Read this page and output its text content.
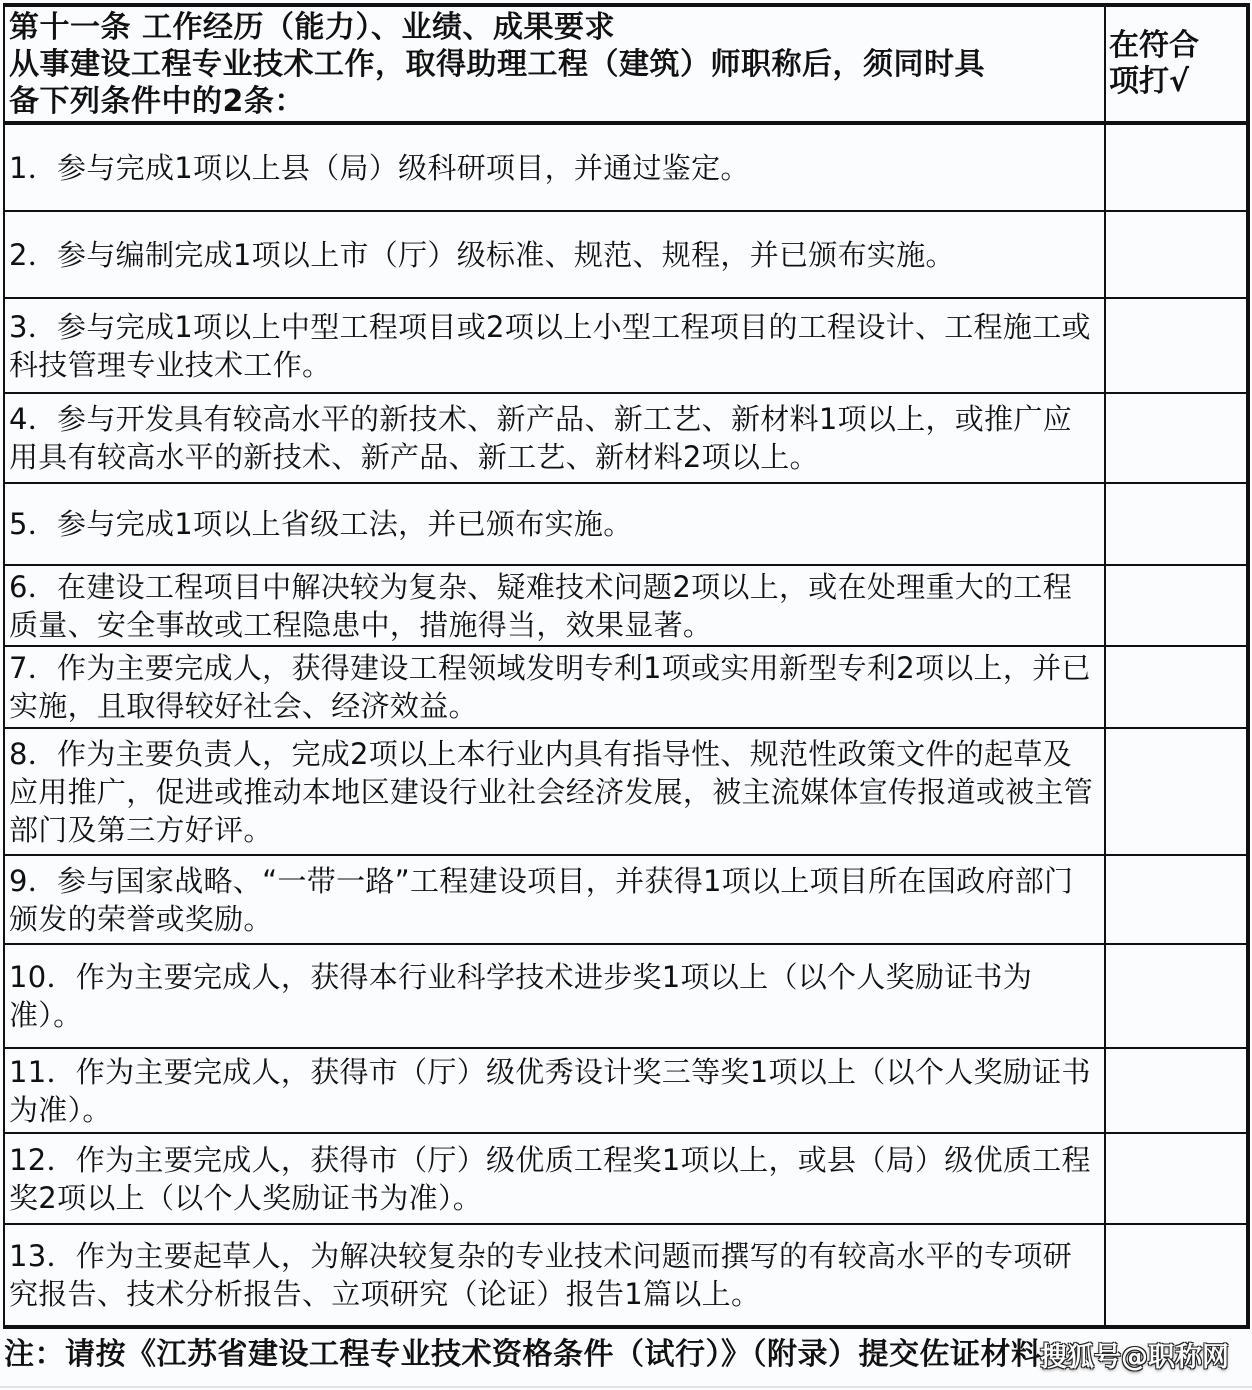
第十一条 工作经历（能力）、业绩、成果要求
从事建设工程专业技术工作，取得助理工程（建筑）师职称后，须同时具
备下列条件中的2条：	在符合
项打√

1．参与完成1项以上县（局）级科研项目，并通过鉴定。	
2．参与编制完成1项以上市（厅）级标准、规范、规程，并已颁布实施。	
3．参与完成1项以上中型工程项目或2项以上小型工程项目的工程设计、工程施工或科技管理专业技术工作。	
4．参与开发具有较高水平的新技术、新产品、新工艺、新材料1项以上，或推广应用具有较高水平的新技术、新产品、新工艺、新材料2项以上。	
5．参与完成1项以上省级工法，并已颁布实施。	
6．在建设工程项目中解决较为复杂、疑难技术问题2项以上，或在处理重大的工程质量、安全事故或工程隐患中，措施得当，效果显著。	
7．作为主要完成人，获得建设工程领域发明专利1项或实用新型专利2项以上，并已实施，且取得较好社会、经济效益。	
8．作为主要负责人，完成2项以上本行业内具有指导性、规范性政策文件的起草及应用推广，促进或推动本地区建设行业社会经济发展，被主流媒体宣传报道或被主管部门及第三方好评。	
9．参与国家战略、“一带一路”工程建设项目，并获得1项以上项目所在国政府部门颁发的荣誉或奖励。	
10．作为主要完成人，获得本行业科学技术进步奖1项以上（以个人奖励证书为准）。	
11．作为主要完成人，获得市（厅）级优秀设计奖三等奖1项以上（以个人奖励证书为准）。	
12．作为主要完成人，获得市（厅）级优质工程奖1项以上，或县（局）级优质工程奖2项以上（以个人奖励证书为准）。	
13．作为主要起草人，为解决较复杂的专业技术问题而撰写的有较高水平的专项研究报告、技术分析报告、立项研究（论证）报告1篇以上。	
注：请按《江苏省建设工程专业技术资格条件（试行）》（附录）提交佐证材料
搜狐号@职称网
